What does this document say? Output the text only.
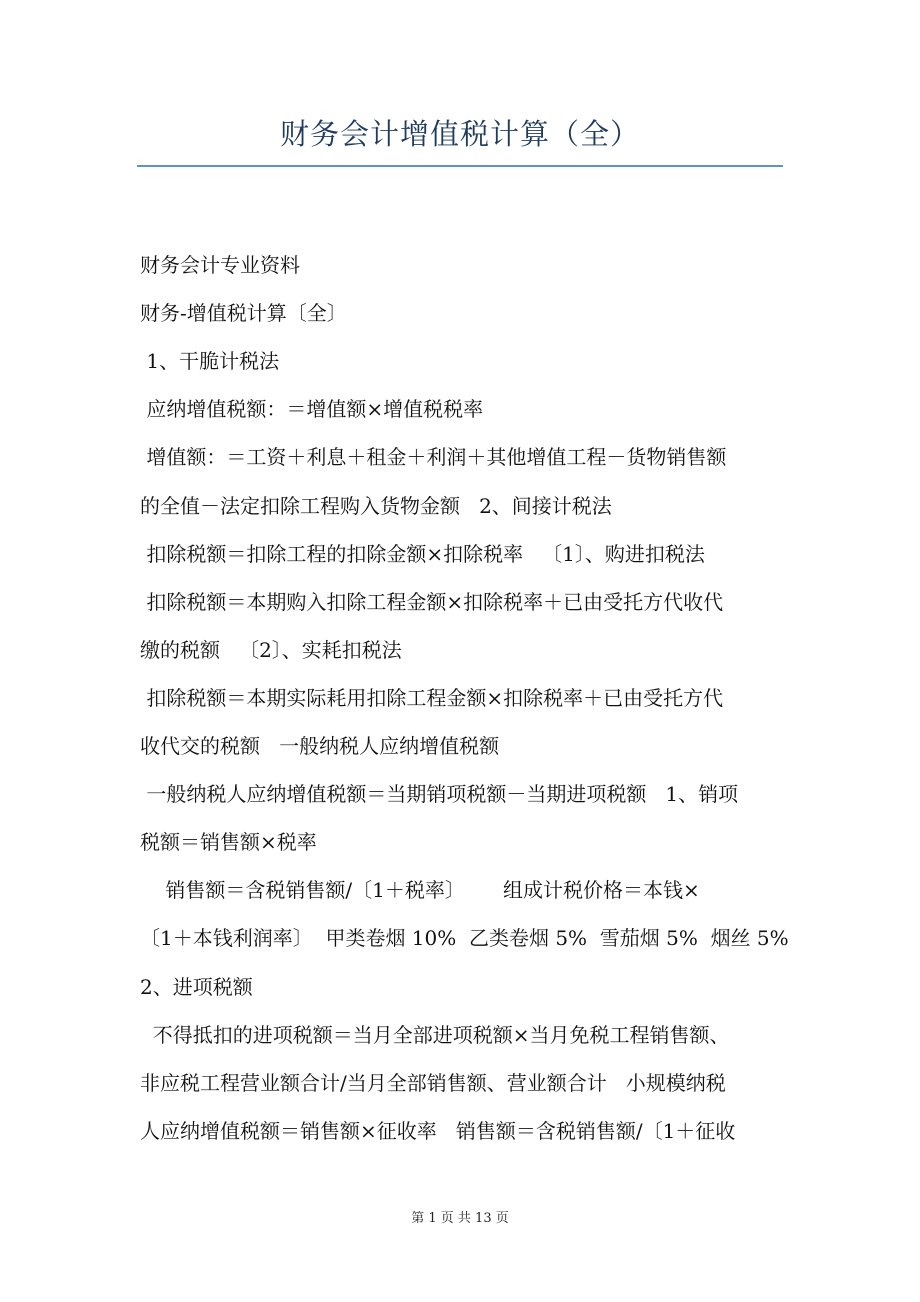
财务会计增值税计算（全）
财务会计专业资料
财务-增值税计算〔全〕
1、干脆计税法
应纳增值税额：＝增值额×增值税税率
增值额：＝工资＋利息＋租金＋利润＋其他增值工程－货物销售额
的全值－法定扣除工程购入货物金额   2、间接计税法
扣除税额＝扣除工程的扣除金额×扣除税率   〔1〕、购进扣税法
扣除税额＝本期购入扣除工程金额×扣除税率＋已由受托方代收代
缴的税额   〔2〕、实耗扣税法
扣除税额＝本期实际耗用扣除工程金额×扣除税率＋已由受托方代
收代交的税额   一般纳税人应纳增值税额
一般纳税人应纳增值税额＝当期销项税额－当期进项税额   1、销项
税额＝销售额×税率
销售额＝含税销售额/〔1＋税率〕      组成计税价格＝本钱×
〔1＋本钱利润率〕  甲类卷烟 10%  乙类卷烟 5%  雪茄烟 5%  烟丝 5%
2、进项税额
不得抵扣的进项税额＝当月全部进项税额×当月免税工程销售额、
非应税工程营业额合计/当月全部销售额、营业额合计   小规模纳税
人应纳增值税额＝销售额×征收率   销售额＝含税销售额/〔1＋征收
第 1 页 共 13 页
